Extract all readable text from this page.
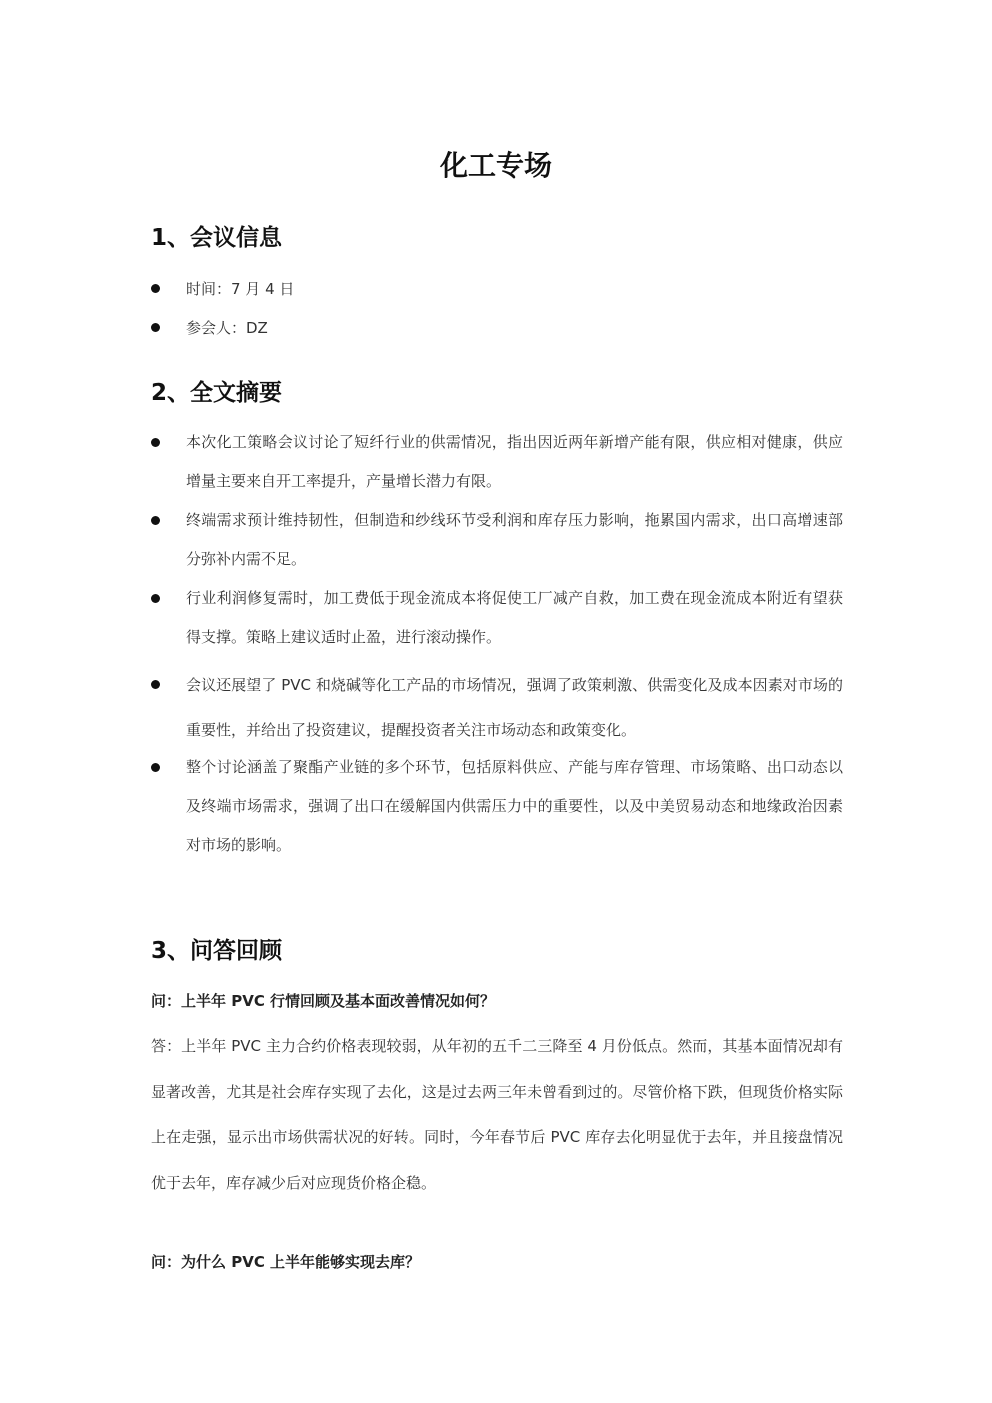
化工专场
1、会议信息
时间：7 月 4 日
参会人：DZ
2、全文摘要
本次化工策略会议讨论了短纤行业的供需情况，指出因近两年新增产能有限，供应相对健康，供应增量主要来自开工率提升，产量增长潜力有限。
终端需求预计维持韧性，但制造和纱线环节受利润和库存压力影响，拖累国内需求，出口高增速部分弥补内需不足。
行业利润修复需时，加工费低于现金流成本将促使工厂减产自救，加工费在现金流成本附近有望获得支撑。策略上建议适时止盈，进行滚动操作。
会议还展望了 PVC 和烧碱等化工产品的市场情况，强调了政策刺激、供需变化及成本因素对市场的重要性，并给出了投资建议，提醒投资者关注市场动态和政策变化。
整个讨论涵盖了聚酯产业链的多个环节，包括原料供应、产能与库存管理、市场策略、出口动态以及终端市场需求，强调了出口在缓解国内供需压力中的重要性，以及中美贸易动态和地缘政治因素对市场的影响。
3、问答回顾
问：上半年 PVC 行情回顾及基本面改善情况如何？
答：上半年 PVC 主力合约价格表现较弱，从年初的五千二三降至 4 月份低点。然而，其基本面情况却有显著改善，尤其是社会库存实现了去化，这是过去两三年未曾看到过的。尽管价格下跌，但现货价格实际上在走强，显示出市场供需状况的好转。同时，今年春节后 PVC 库存去化明显优于去年，并且接盘情况优于去年，库存减少后对应现货价格企稳。
问：为什么 PVC 上半年能够实现去库？
